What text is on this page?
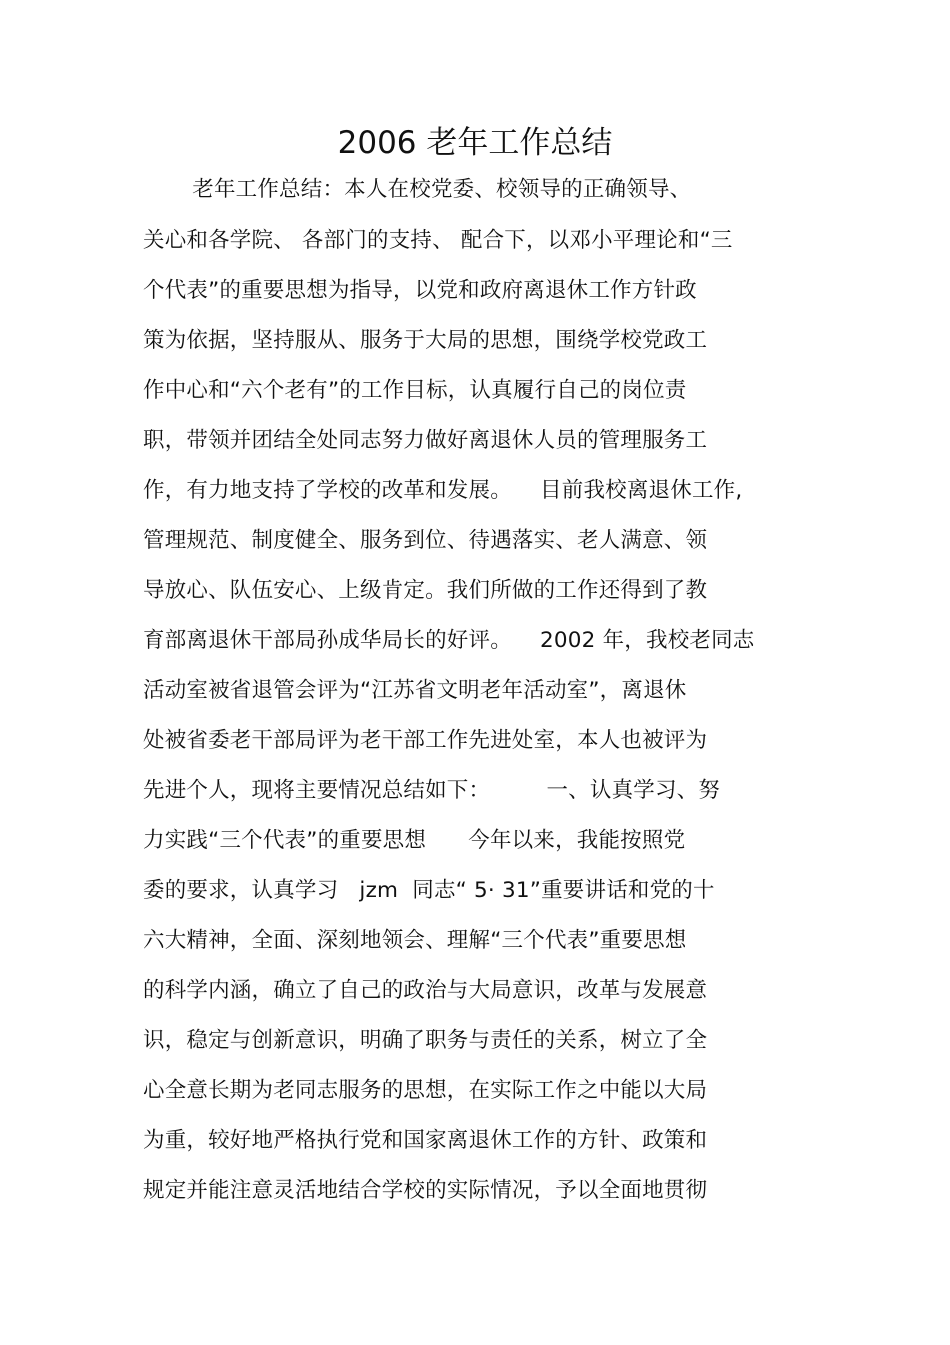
2006 老年工作总结
老年工作总结：本人在校党委、校领导的正确领导、
关心和各学院、 各部门的支持、 配合下，以邓小平理论和“三
个代表”的重要思想为指导，以党和政府离退休工作方针政
策为依据，坚持服从、服务于大局的思想，围绕学校党政工
作中心和“六个老有”的工作目标，认真履行自己的岗位责
职，带领并团结全处同志努力做好离退休人员的管理服务工
作，有力地支持了学校的改革和发展。    目前我校离退休工作,
管理规范、制度健全、服务到位、待遇落实、老人满意、领
导放心、队伍安心、上级肯定。我们所做的工作还得到了教
育部离退休干部局孙成华局长的好评。    2002 年，我校老同志
活动室被省退管会评为“江苏省文明老年活动室”，离退休
处被省委老干部局评为老干部工作先进处室，本人也被评为
先进个人，现将主要情况总结如下：        一、认真学习、努
力实践“三个代表”的重要思想      今年以来，我能按照党
委的要求，认真学习   jzm  同志“ 5· 31”重要讲话和党的十
六大精神，全面、深刻地领会、理解“三个代表”重要思想
的科学内涵，确立了自己的政治与大局意识，改革与发展意
识，稳定与创新意识，明确了职务与责任的关系，树立了全
心全意长期为老同志服务的思想，在实际工作之中能以大局
为重，较好地严格执行党和国家离退休工作的方针、政策和
规定并能注意灵活地结合学校的实际情况，予以全面地贯彻
